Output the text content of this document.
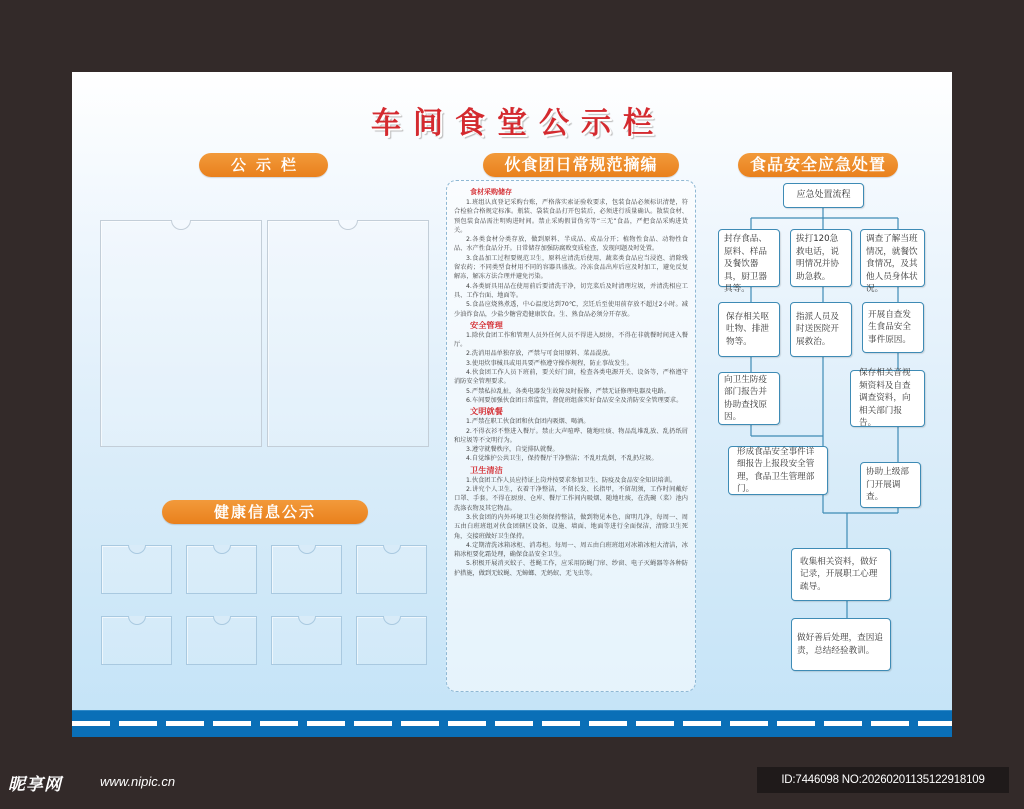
车间食堂公示栏
公示栏	伙食团日常规范摘编	食品安全应急处置
健康信息公示
食材采购储存

1.班组认真登记采购台账，严格落实索证验收要求，包装食品必须标识清楚，符合检验合格规定标准。瓶装、袋装食品打开包装后，必须进行质量确认。散装食材、预包装食品需注明购进时间。禁止采购假冒伪劣等“三无”食品，严把食品采购进货关。

2.各类食材分类存放，做到原料、半成品、成品分开；植物性食品、动物性食品、水产性食品分开。日常储存加强防腐败变质检查，发现问题及时处置。

3.食品加工过程要规范卫生，原料应清洗后使用，蔬菜类食品应当浸泡、清除残留农药；不同类型食材用不同的容器具盛放。冷冻食品出库后应及时加工，避免反复解冻，解冻方法合理并避免污染。

4.各类厨具用品在使用前后要清洗干净，切完菜后及时清理垃圾，并清洗相应工具、工作台面、地面等。

5.食品应烧熟煮透，中心温度达到70℃，烹饪后至使用前存放不超过2小时。减少油炸食品，少盐少糖营造健康饮食。生、熟食品必须分开存放。

安全管理

1.除伙食团工作和管理人员外任何人员不得进入厨房，不得在非就餐时间进入餐厅。

2.洗消用品单独存放，严禁与可食用原料、菜品混放。

3.使用炊事械具或用具要严格遵守操作规程，防止事故发生。

4.伙食团工作人员下班前，要关好门窗，检查各类电源开关、设备等，严格遵守消防安全管理要求。

5.严禁私拉乱扯，各类电器发生故障及时报修，严禁无证修理电器及电路。

6.车间要加强伙食团日常监管，督促班组落实好食品安全及消防安全管理要求。

文明就餐

1.严禁在职工伙食团和伙食团内吸烟、喝酒。

2.不得衣衫不整进入餐厅。禁止大声喧哗、随地吐痰、物品乱堆乱放、乱扔纸屑和垃圾等不文明行为。

3.遵守就餐秩序，自觉排队就餐。

4.自觉维护公共卫生，保持餐厅干净整洁；不乱吐乱倒，不乱扔垃圾。

卫生清洁

1.伙食团工作人员应持证上岗并按要求参加卫生、防疫及食品安全知识培训。

2.讲究个人卫生，衣着干净整洁，不留长发、长指甲，不留胡须，工作时间戴好口罩、手套。不得在厨房、仓库、餐厅工作间内吸烟、随地吐痰，在洗碗（菜）池内洗涤衣物及其它物品。

3.伙食团的内外环境卫生必须保持整洁，做到物见本色，窗明几净，每周一、周五由白班班组对伙食团辖区设备、设施、墙面、地面等进行全面保洁，清除卫生死角，交接班做好卫生保持。

4.定期清洗冰箱冰柜、消毒柜。每周一、周五由白班班组对冰箱冰柜大清洁，冰箱冰柜要化霜处理，确保食品安全卫生。

5.积极开展消灭蚊子、苍蝇工作，应采用防蝇门帘、纱窗、电子灭蝇器等各种防护措施，做到无蚊蝇、无蟑螂、无蚂蚁、无飞虫等。

应急处置流程
封存食品、原料、样品及餐饮器具，厨卫器具等。
拔打120急救电话，说明情况并协助急救。
调查了解当班情况，就餐饮食情况，及其他人员身体状况。
保存相关呕吐物、排泄物等。
指派人员及时送医院开展救治。
开展自查发生食品安全事件原因。
向卫生防疫部门报告并协助查找原因。
保存相关音视频资料及自查调查资料，向相关部门报告。
形成食品安全事件详细报告上报段安全管理，食品卫生管理部门。
协助上级部门开展调查。
收集相关资料，做好记录，开展职工心理疏导。
做好善后处理，查因追责，总结经验教训。
昵享网	www.nipic.cn	ID:7446098 NO:20260201135122918109
